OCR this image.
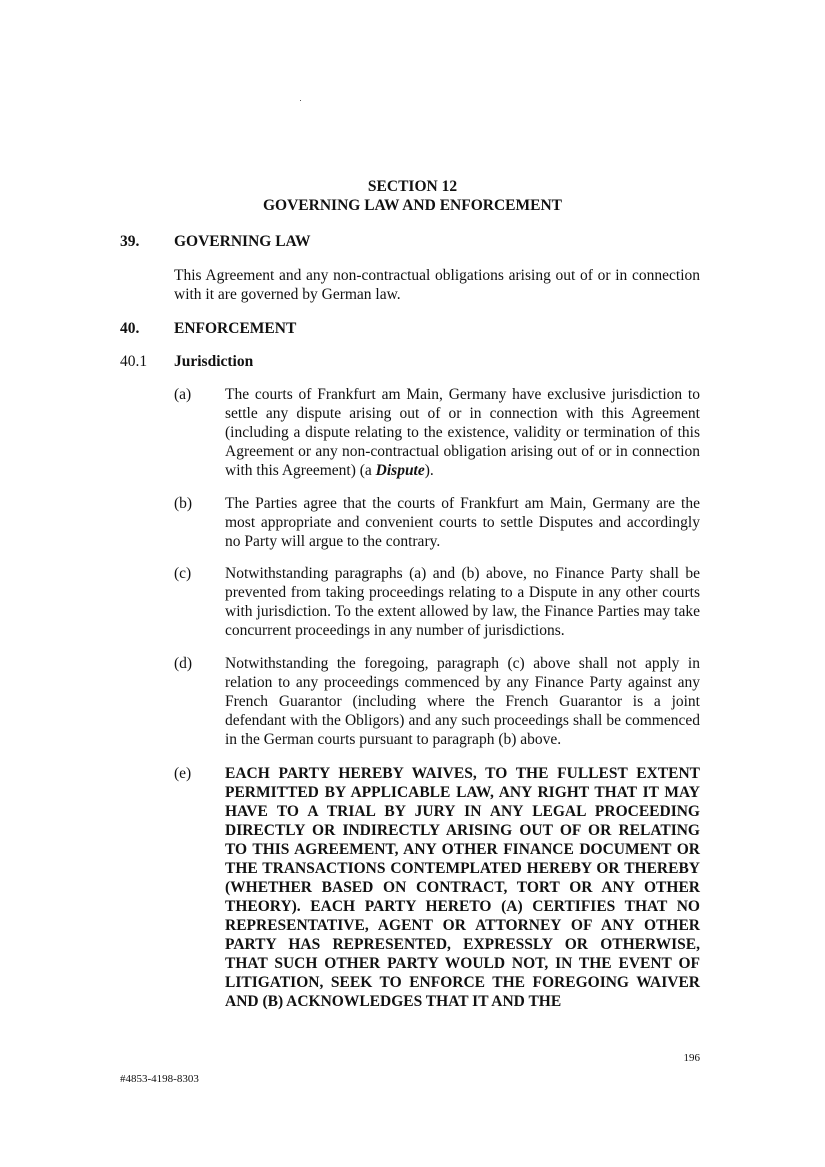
SECTION 12
GOVERNING LAW AND ENFORCEMENT
39. GOVERNING LAW
This Agreement and any non-contractual obligations arising out of or in connection with it are governed by German law.
40. ENFORCEMENT
40.1 Jurisdiction
(a) The courts of Frankfurt am Main, Germany have exclusive jurisdiction to settle any dispute arising out of or in connection with this Agreement (including a dispute relating to the existence, validity or termination of this Agreement or any non-contractual obligation arising out of or in connection with this Agreement) (a Dispute).
(b) The Parties agree that the courts of Frankfurt am Main, Germany are the most appropriate and convenient courts to settle Disputes and accordingly no Party will argue to the contrary.
(c) Notwithstanding paragraphs (a) and (b) above, no Finance Party shall be prevented from taking proceedings relating to a Dispute in any other courts with jurisdiction. To the extent allowed by law, the Finance Parties may take concurrent proceedings in any number of jurisdictions.
(d) Notwithstanding the foregoing, paragraph (c) above shall not apply in relation to any proceedings commenced by any Finance Party against any French Guarantor (including where the French Guarantor is a joint defendant with the Obligors) and any such proceedings shall be commenced in the German courts pursuant to paragraph (b) above.
(e) EACH PARTY HEREBY WAIVES, TO THE FULLEST EXTENT PERMITTED BY APPLICABLE LAW, ANY RIGHT THAT IT MAY HAVE TO A TRIAL BY JURY IN ANY LEGAL PROCEEDING DIRECTLY OR INDIRECTLY ARISING OUT OF OR RELATING TO THIS AGREEMENT, ANY OTHER FINANCE DOCUMENT OR THE TRANSACTIONS CONTEMPLATED HEREBY OR THEREBY (WHETHER BASED ON CONTRACT, TORT OR ANY OTHER THEORY). EACH PARTY HERETO (A) CERTIFIES THAT NO REPRESENTATIVE, AGENT OR ATTORNEY OF ANY OTHER PARTY HAS REPRESENTED, EXPRESSLY OR OTHERWISE, THAT SUCH OTHER PARTY WOULD NOT, IN THE EVENT OF LITIGATION, SEEK TO ENFORCE THE FOREGOING WAIVER AND (B) ACKNOWLEDGES THAT IT AND THE
196
#4853-4198-8303
